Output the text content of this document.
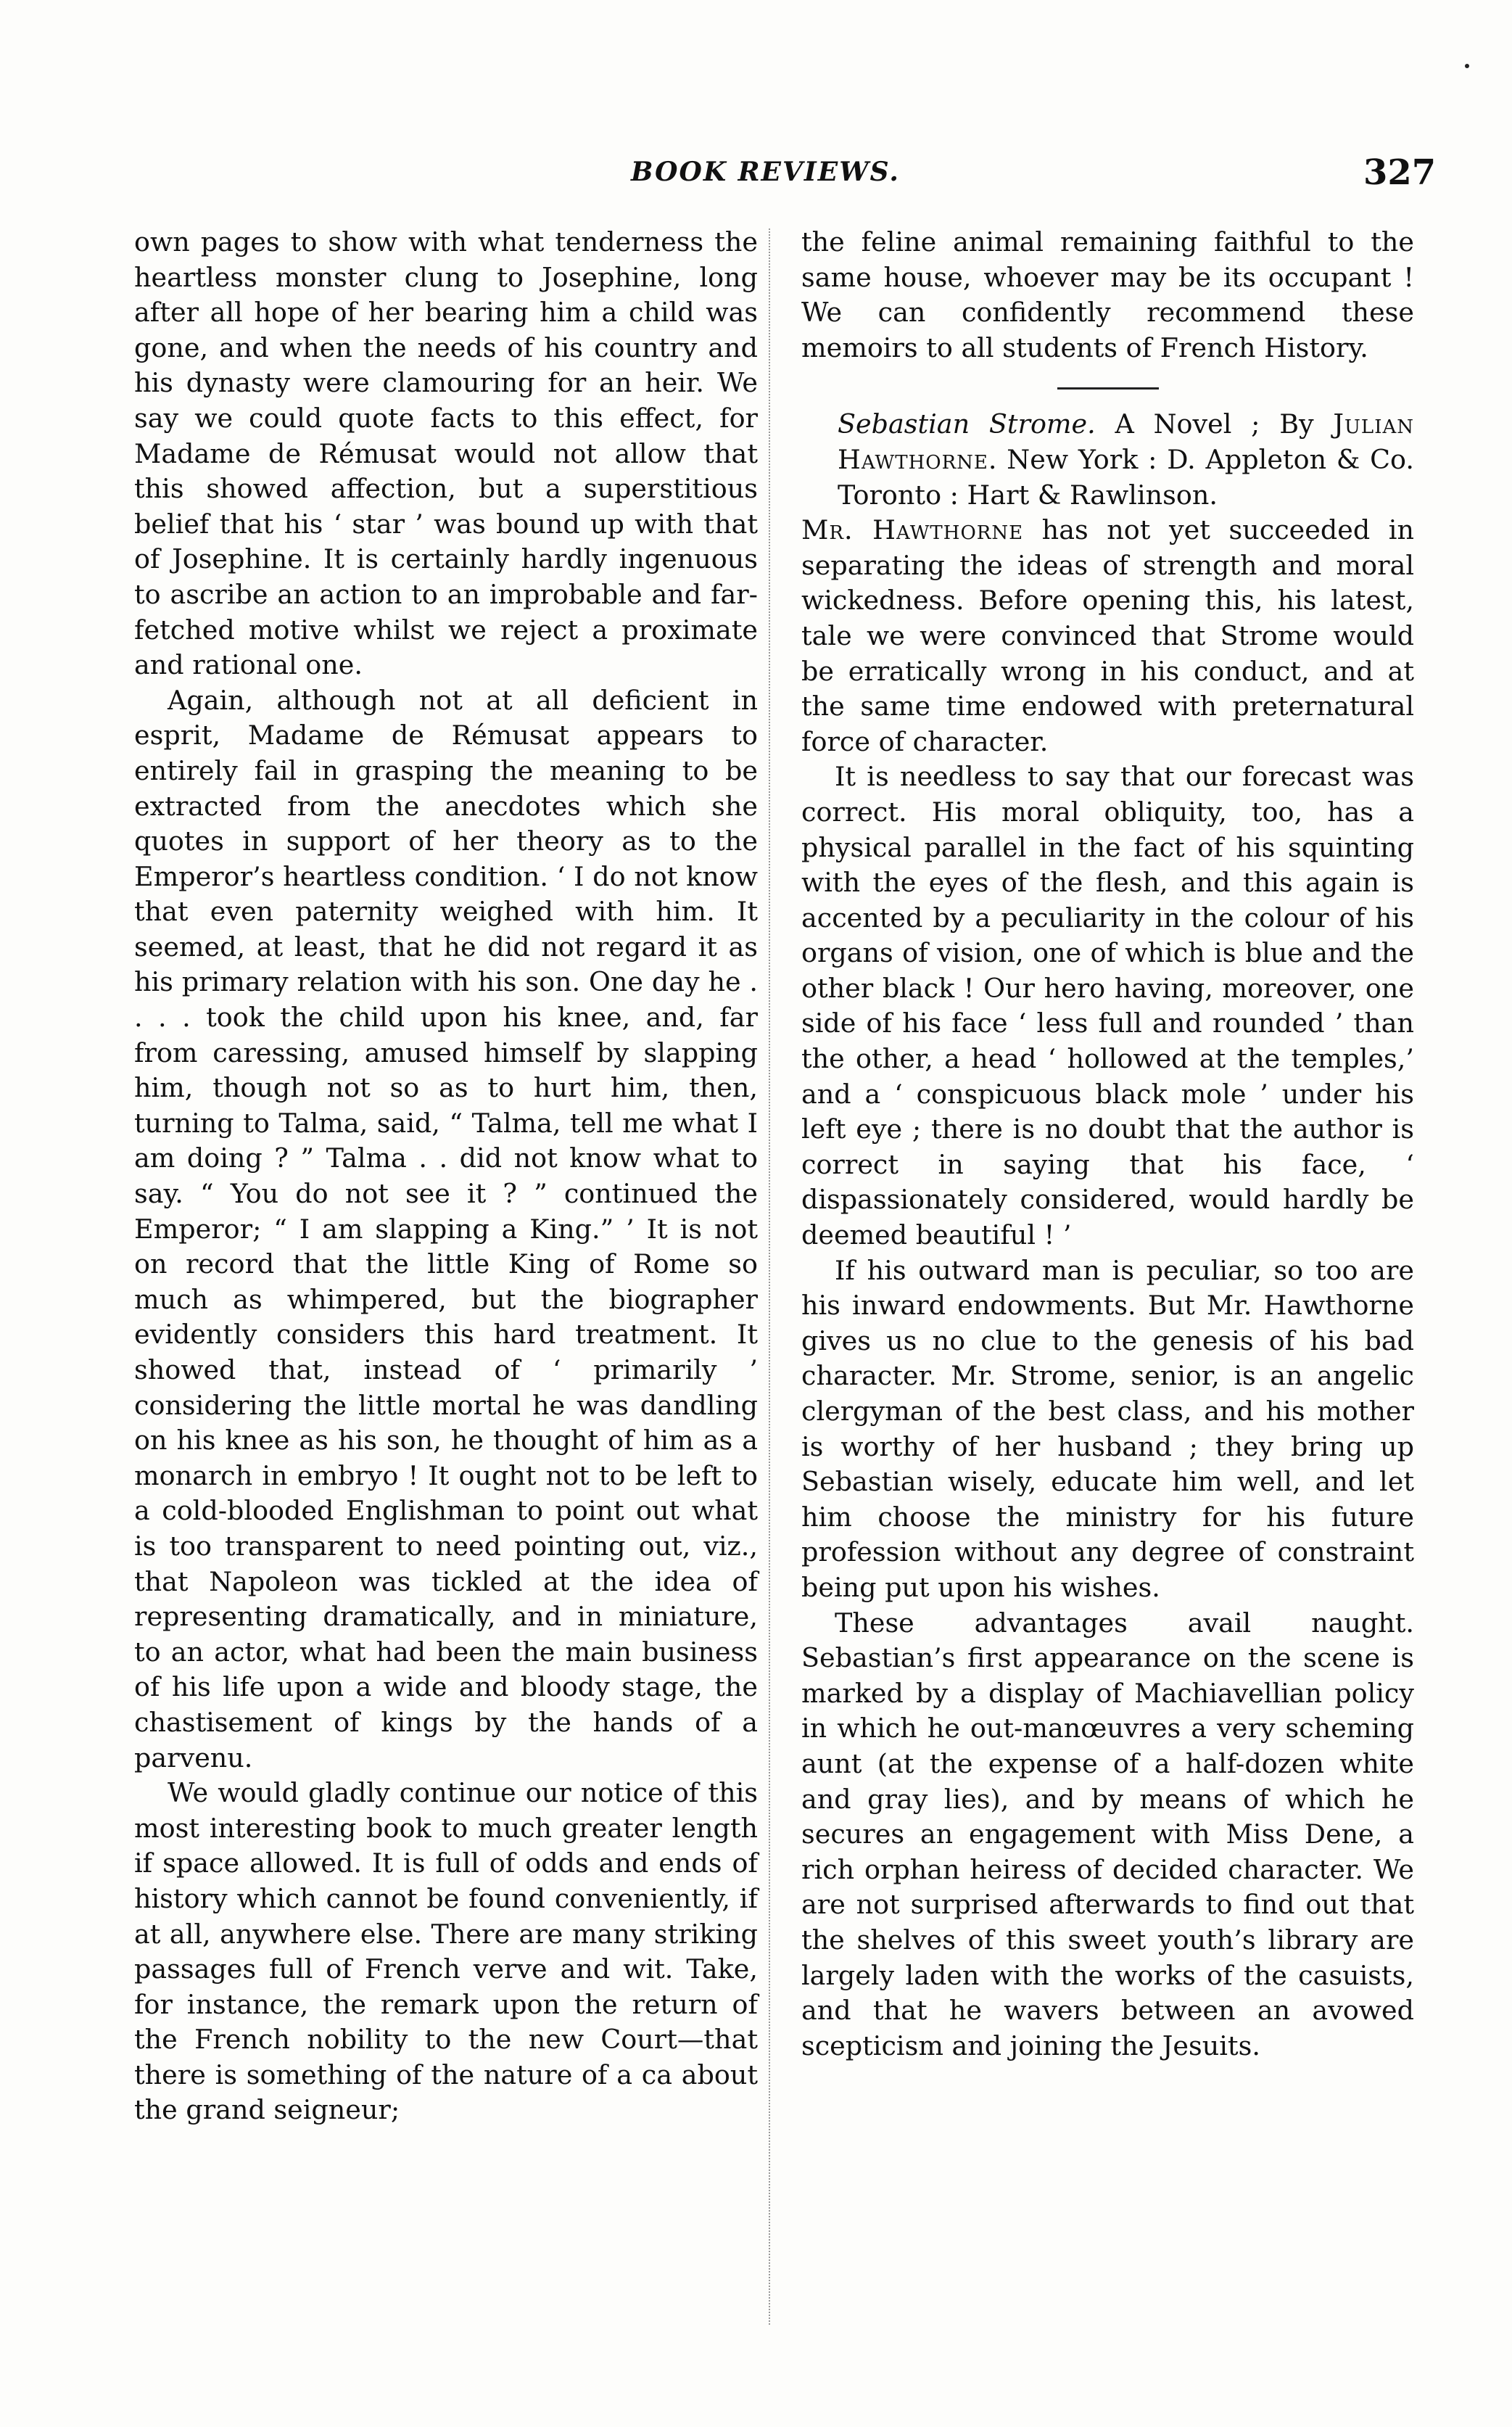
BOOK REVIEWS.	327

own pages to show with what tenderness the heartless monster clung to Josephine, long after all hope of her bearing him a child was gone, and when the needs of his country and his dynasty were clamouring for an heir. We say we could quote facts to this effect, for Madame de Rémusat would not allow that this showed affection, but a superstitious belief that his ‘ star ’ was bound up with that of Josephine. It is certainly hardly ingenuous to ascribe an action to an improbable and far-fetched motive whilst we reject a proximate and rational one.

Again, although not at all deficient in esprit, Madame de Rémusat appears to entirely fail in grasping the meaning to be extracted from the anecdotes which she quotes in support of her theory as to the Emperor’s heartless condition. ‘ I do not know that even paternity weighed with him. It seemed, at least, that he did not regard it as his primary relation with his son. One day he . . . . took the child upon his knee, and, far from caressing, amused himself by slapping him, though not so as to hurt him, then, turning to Talma, said, “ Talma, tell me what I am doing ? ” Talma . . did not know what to say. “ You do not see it ? ” continued the Emperor; “ I am slapping a King.” ’ It is not on record that the little King of Rome so much as whimpered, but the biographer evidently considers this hard treatment. It showed that, instead of ‘ primarily ’ considering the little mortal he was dandling on his knee as his son, he thought of him as a monarch in embryo ! It ought not to be left to a cold-blooded Englishman to point out what is too transparent to need pointing out, viz., that Napoleon was tickled at the idea of representing dramatically, and in miniature, to an actor, what had been the main business of his life upon a wide and bloody stage, the chastisement of kings by the hands of a parvenu.

We would gladly continue our notice of this most interesting book to much greater length if space allowed. It is full of odds and ends of history which cannot be found conveniently, if at all, anywhere else. There are many striking passages full of French verve and wit. Take, for instance, the remark upon the return of the French nobility to the new Court—that there is something of the nature of a ca about the grand seigneur;

the feline animal remaining faithful to the same house, whoever may be its occupant ! We can confidently recommend these memoirs to all students of French History.

Sebastian Strome. A Novel ; By Julian Hawthorne. New York : D. Appleton & Co. Toronto : Hart & Rawlinson.

Mr. Hawthorne has not yet succeeded in separating the ideas of strength and moral wickedness. Before opening this, his latest, tale we were convinced that Strome would be erratically wrong in his conduct, and at the same time endowed with preternatural force of character.

It is needless to say that our forecast was correct. His moral obliquity, too, has a physical parallel in the fact of his squinting with the eyes of the flesh, and this again is accented by a peculiarity in the colour of his organs of vision, one of which is blue and the other black ! Our hero having, moreover, one side of his face ‘ less full and rounded ’ than the other, a head ‘ hollowed at the temples,’ and a ‘ conspicuous black mole ’ under his left eye ; there is no doubt that the author is correct in saying that his face, ‘ dispassionately considered, would hardly be deemed beautiful ! ’

If his outward man is peculiar, so too are his inward endowments. But Mr. Hawthorne gives us no clue to the genesis of his bad character. Mr. Strome, senior, is an angelic clergyman of the best class, and his mother is worthy of her husband ; they bring up Sebastian wisely, educate him well, and let him choose the ministry for his future profession without any degree of constraint being put upon his wishes.

These advantages avail naught. Sebastian’s first appearance on the scene is marked by a display of Machiavellian policy in which he out-manœuvres a very scheming aunt (at the expense of a half-dozen white and gray lies), and by means of which he secures an engagement with Miss Dene, a rich orphan heiress of decided character. We are not surprised afterwards to find out that the shelves of this sweet youth’s library are largely laden with the works of the casuists, and that he wavers between an avowed scepticism and joining the Jesuits.
